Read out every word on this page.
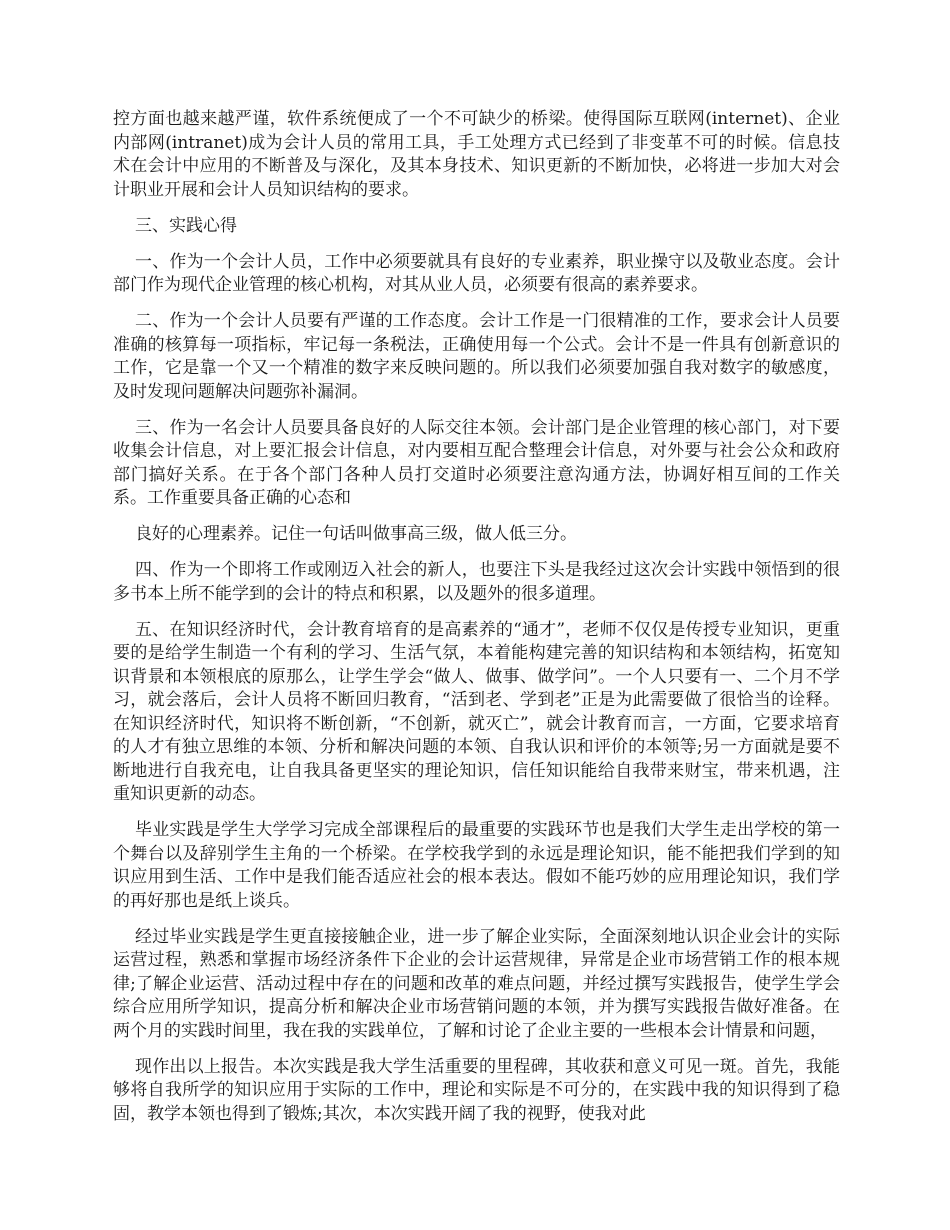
控方面也越来越严谨，软件系统便成了一个不可缺少的桥梁。使得国际互联网(internet)、企业内部网(intranet)成为会计人员的常用工具，手工处理方式已经到了非变革不可的时候。信息技术在会计中应用的不断普及与深化，及其本身技术、知识更新的不断加快，必将进一步加大对会计职业开展和会计人员知识结构的要求。

三、实践心得

一、作为一个会计人员，工作中必须要就具有良好的专业素养，职业操守以及敬业态度。会计部门作为现代企业管理的核心机构，对其从业人员，必须要有很高的素养要求。

二、作为一个会计人员要有严谨的工作态度。会计工作是一门很精准的工作，要求会计人员要准确的核算每一项指标，牢记每一条税法，正确使用每一个公式。会计不是一件具有创新意识的工作，它是靠一个又一个精准的数字来反映问题的。所以我们必须要加强自我对数字的敏感度，及时发现问题解决问题弥补漏洞。

三、作为一名会计人员要具备良好的人际交往本领。会计部门是企业管理的核心部门，对下要收集会计信息，对上要汇报会计信息，对内要相互配合整理会计信息，对外要与社会公众和政府部门搞好关系。在于各个部门各种人员打交道时必须要注意沟通方法，协调好相互间的工作关系。工作重要具备正确的心态和

良好的心理素养。记住一句话叫做事高三级，做人低三分。

四、作为一个即将工作或刚迈入社会的新人，也要注下头是我经过这次会计实践中领悟到的很多书本上所不能学到的会计的特点和积累，以及题外的很多道理。

五、在知识经济时代，会计教育培育的是高素养的“通才”，老师不仅仅是传授专业知识，更重要的是给学生制造一个有利的学习、生活气氛，本着能构建完善的知识结构和本领结构，拓宽知识背景和本领根底的原那么，让学生学会“做人、做事、做学问”。一个人只要有一、二个月不学习，就会落后，会计人员将不断回归教育，“活到老、学到老”正是为此需要做了很恰当的诠释。在知识经济时代，知识将不断创新，“不创新，就灭亡”，就会计教育而言，一方面，它要求培育的人才有独立思维的本领、分析和解决问题的本领、自我认识和评价的本领等;另一方面就是要不断地进行自我充电，让自我具备更坚实的理论知识，信任知识能给自我带来财宝，带来机遇，注重知识更新的动态。

毕业实践是学生大学学习完成全部课程后的最重要的实践环节也是我们大学生走出学校的第一个舞台以及辞别学生主角的一个桥梁。在学校我学到的永远是理论知识，能不能把我们学到的知识应用到生活、工作中是我们能否适应社会的根本表达。假如不能巧妙的应用理论知识，我们学的再好那也是纸上谈兵。

经过毕业实践是学生更直接接触企业，进一步了解企业实际，全面深刻地认识企业会计的实际运营过程，熟悉和掌握市场经济条件下企业的会计运营规律，异常是企业市场营销工作的根本规律;了解企业运营、活动过程中存在的问题和改革的难点问题，并经过撰写实践报告，使学生学会综合应用所学知识，提高分析和解决企业市场营销问题的本领，并为撰写实践报告做好准备。在两个月的实践时间里，我在我的实践单位，了解和讨论了企业主要的一些根本会计情景和问题，

现作出以上报告。本次实践是我大学生活重要的里程碑，其收获和意义可见一斑。首先，我能够将自我所学的知识应用于实际的工作中，理论和实际是不可分的，在实践中我的知识得到了稳固，教学本领也得到了锻炼;其次，本次实践开阔了我的视野，使我对此
